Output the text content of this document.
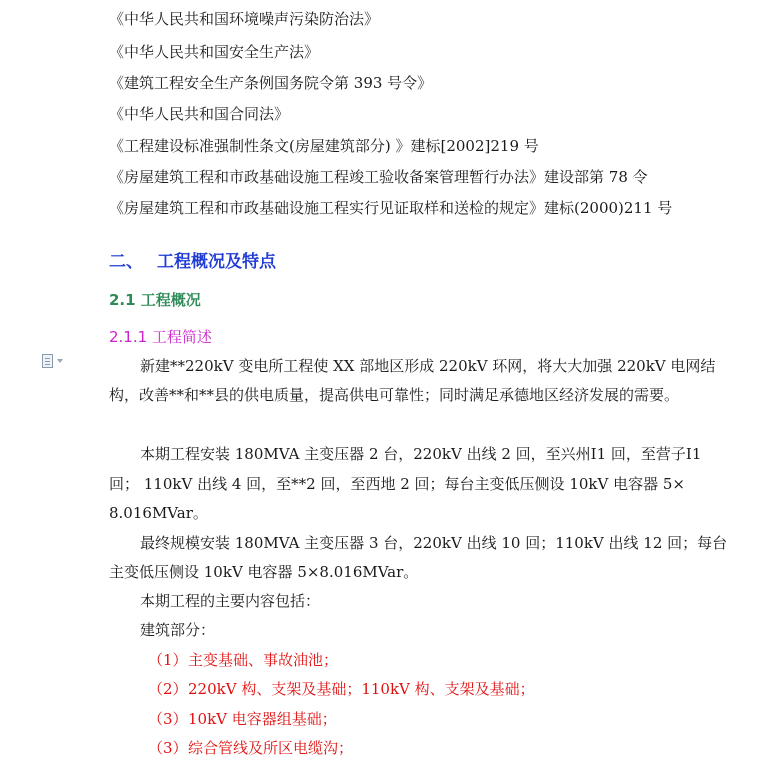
《中华人民共和国环境噪声污染防治法》
《中华人民共和国安全生产法》
《建筑工程安全生产条例国务院令第 393 号令》
《中华人民共和国合同法》
《工程建设标准强制性条文(房屋建筑部分) 》建标[2002]219 号
《房屋建筑工程和市政基础设施工程竣工验收备案管理暂行办法》建设部第 78 令
《房屋建筑工程和市政基础设施工程实行见证取样和送检的规定》建标(2000)211 号
二、 工程概况及特点
2.1 工程概况
2.1.1 工程简述
新建**220kV 变电所工程使 XX 部地区形成 220kV 环网，将大大加强 220kV 电网结
构，改善**和**县的供电质量，提高供电可靠性；同时满足承德地区经济发展的需要。
本期工程安装 180MVA 主变压器 2 台，220kV 出线 2 回，至兴州Ⅰ1 回，至营子Ⅰ1
回； 110kV 出线 4 回，至**2 回，至西地 2 回；每台主变低压侧设 10kV 电容器 5×
8.016MVar。
最终规模安装 180MVA 主变压器 3 台，220kV 出线 10 回；110kV 出线 12 回；每台
主变低压侧设 10kV 电容器 5×8.016MVar。
本期工程的主要内容包括：
建筑部分：
（1）主变基础、事故油池；
（2）220kV 构、支架及基础；110kV 构、支架及基础；
（3）10kV 电容器组基础；
（3）综合管线及所区电缆沟；
